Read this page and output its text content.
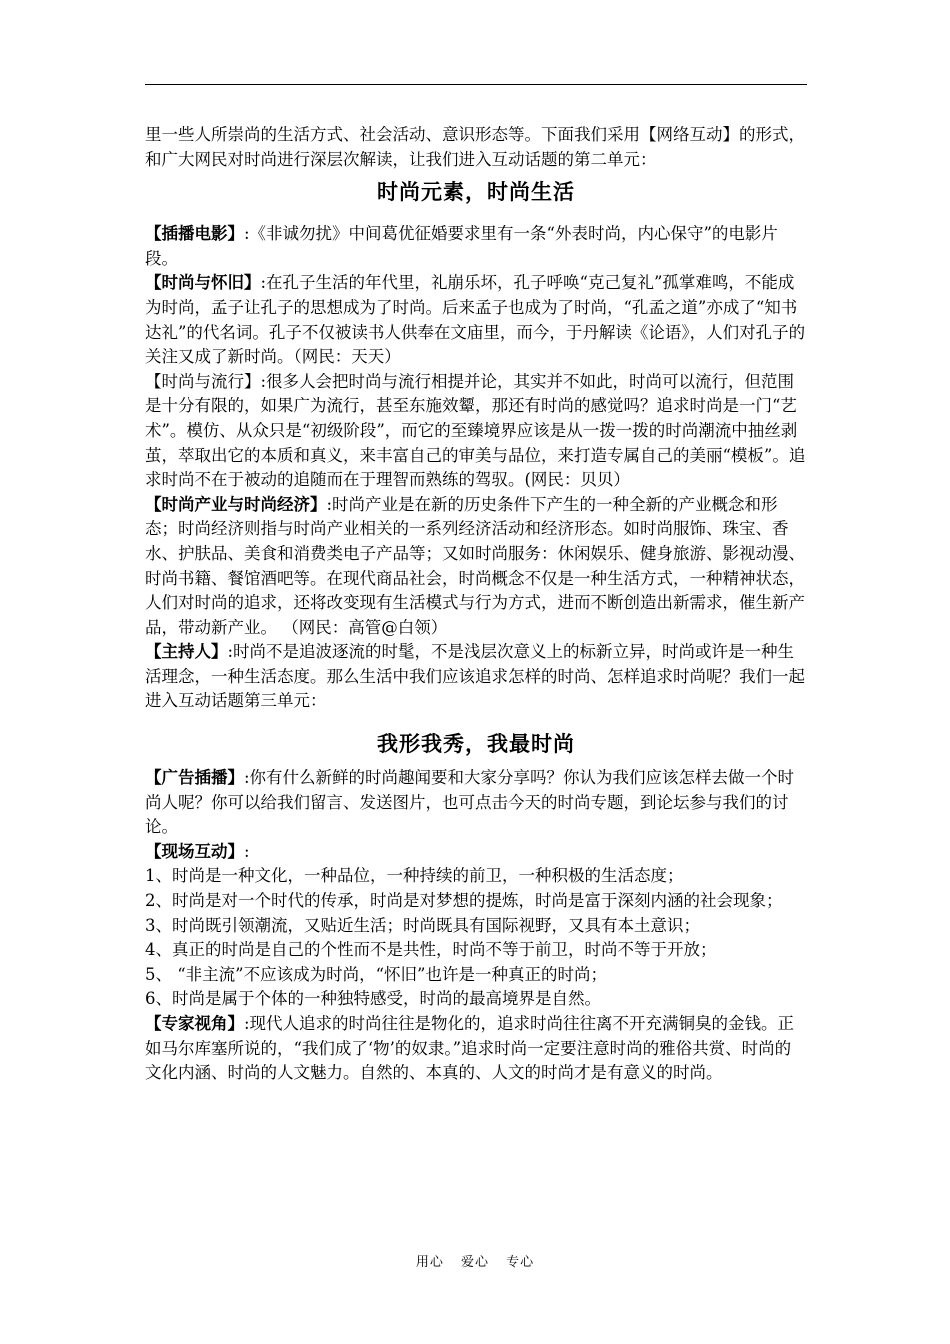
里一些人所崇尚的生活方式、社会活动、意识形态等。下面我们采用【网络互动】的形式，和广大网民对时尚进行深层次解读，让我们进入互动话题的第二单元：

时尚元素，时尚生活

【插播电影】:《非诚勿扰》中间葛优征婚要求里有一条“外表时尚，内心保守”的电影片段。

【时尚与怀旧】:在孔子生活的年代里，礼崩乐坏，孔子呼唤“克己复礼”孤掌难鸣，不能成为时尚，孟子让孔子的思想成为了时尚。后来孟子也成为了时尚，“孔孟之道”亦成了“知书达礼”的代名词。孔子不仅被读书人供奉在文庙里，而今，于丹解读《论语》，人们对孔子的关注又成了新时尚。（网民：天天）

【时尚与流行】:很多人会把时尚与流行相提并论，其实并不如此，时尚可以流行，但范围是十分有限的，如果广为流行，甚至东施效颦，那还有时尚的感觉吗？追求时尚是一门“艺术”。模仿、从众只是“初级阶段”，而它的至臻境界应该是从一拨一拨的时尚潮流中抽丝剥茧，萃取出它的本质和真义，来丰富自己的审美与品位，来打造专属自己的美丽“模板”。追求时尚不在于被动的追随而在于理智而熟练的驾驭。(网民：贝贝）

【时尚产业与时尚经济】:时尚产业是在新的历史条件下产生的一种全新的产业概念和形态；时尚经济则指与时尚产业相关的一系列经济活动和经济形态。如时尚服饰、珠宝、香水、护肤品、美食和消费类电子产品等；又如时尚服务：休闲娱乐、健身旅游、影视动漫、时尚书籍、餐馆酒吧等。在现代商品社会，时尚概念不仅是一种生活方式，一种精神状态，人们对时尚的追求，还将改变现有生活模式与行为方式，进而不断创造出新需求，催生新产品，带动新产业。 （网民：高管@白领）

【主持人】:时尚不是追波逐流的时髦，不是浅层次意义上的标新立异，时尚或许是一种生活理念，一种生活态度。那么生活中我们应该追求怎样的时尚、怎样追求时尚呢？我们一起进入互动话题第三单元：

我形我秀，我最时尚

【广告插播】:你有什么新鲜的时尚趣闻要和大家分享吗？你认为我们应该怎样去做一个时尚人呢？你可以给我们留言、发送图片，也可点击今天的时尚专题，到论坛参与我们的讨论。

【现场互动】:

1、时尚是一种文化，一种品位，一种持续的前卫，一种积极的生活态度；

2、时尚是对一个时代的传承，时尚是对梦想的提炼，时尚是富于深刻内涵的社会现象；

3、时尚既引领潮流，又贴近生活；时尚既具有国际视野，又具有本土意识；

4、真正的时尚是自己的个性而不是共性，时尚不等于前卫，时尚不等于开放；

5、 “非主流”不应该成为时尚，“怀旧”也许是一种真正的时尚；

6、时尚是属于个体的一种独特感受，时尚的最高境界是自然。

【专家视角】:现代人追求的时尚往往是物化的，追求时尚往往离不开充满铜臭的金钱。正如马尔库塞所说的，“我们成了‘物’的奴隶。”追求时尚一定要注意时尚的雅俗共赏、时尚的文化内涵、时尚的人文魅力。自然的、本真的、人文的时尚才是有意义的时尚。

用心 爱心 专心
